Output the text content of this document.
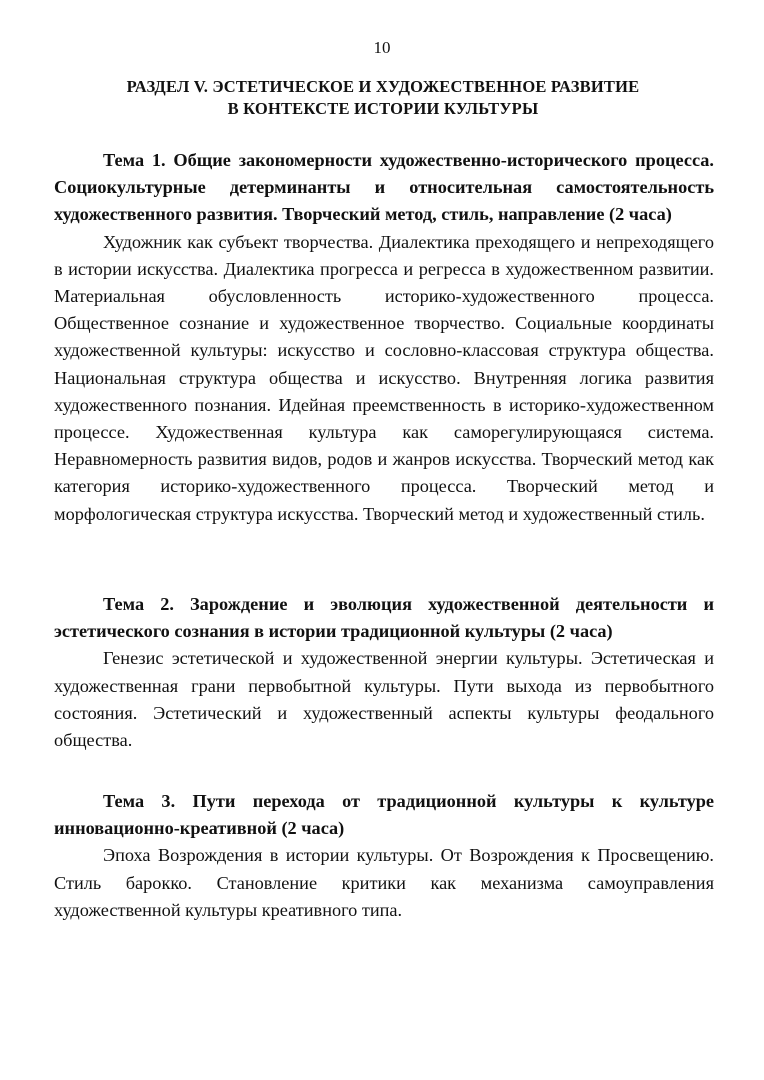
10
РАЗДЕЛ V. ЭСТЕТИЧЕСКОЕ И ХУДОЖЕСТВЕННОЕ РАЗВИТИЕ
В КОНТЕКСТЕ ИСТОРИИ КУЛЬТУРЫ

Тема 1. Общие закономерности художественно-исторического процесса. Социокультурные детерминанты и относительная самостоятельность художественного развития. Творческий метод, стиль, направление (2 часа)

Художник как субъект творчества. Диалектика преходящего и непреходящего в истории искусства. Диалектика прогресса и регресса в художественном развитии. Материальная обусловленность историко-художественного процесса. Общественное сознание и художественное творчество. Социальные координаты художественной культуры: искусство и сословно-классовая структура общества. Национальная структура общества и искусство. Внутренняя логика развития художественного познания. Идейная преемственность в историко-художественном процессе. Художественная культура как саморегулирующаяся система. Неравномерность развития видов, родов и жанров искусства. Творческий метод как категория историко-художественного процесса. Творческий метод и морфологическая структура искусства. Творческий метод и художественный стиль.

Тема 2. Зарождение и эволюция художественной деятельности и эстетического сознания в истории традиционной культуры (2 часа)

Генезис эстетической и художественной энергии культуры. Эстетическая и художественная грани первобытной культуры. Пути выхода из первобытного состояния. Эстетический и художественный аспекты культуры феодального общества.

Тема 3. Пути перехода от традиционной культуры к культуре инновационно-креативной (2 часа)

Эпоха Возрождения в истории культуры. От Возрождения к Просвещению. Стиль барокко. Становление критики как механизма самоуправления художественной культуры креативного типа.
